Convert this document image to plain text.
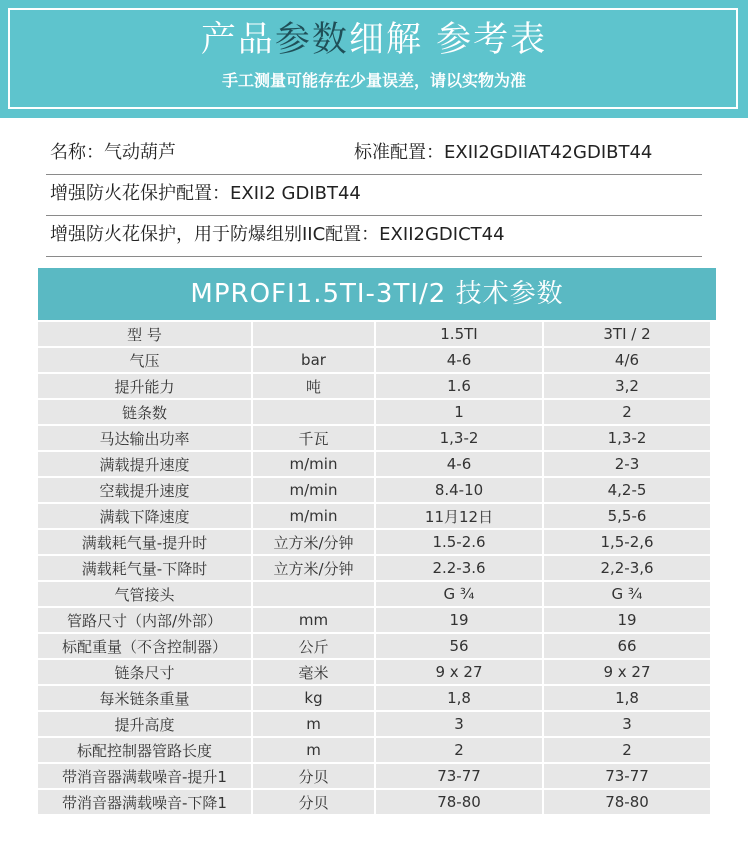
产品参数细解 参考表
手工测量可能存在少量误差，请以实物为准
名称：气动葫芦	标准配置：EXII2GDIIAT42GDIBT44
增强防火花保护配置：EXII2 GDIBT44
增强防火花保护，用于防爆组别IIC配置：EXII2GDICT44
MPROFI1.5TI-3TI/2 技术参数
型 号		1.5TI	3TI / 2
气压	bar	4-6	4/6
提升能力	吨	1.6	3,2
链条数		1	2
马达输出功率	千瓦	1,3-2	1,3-2
满载提升速度	m/min	4-6	2-3
空载提升速度	m/min	8.4-10	4,2-5
满载下降速度	m/min	11月12日	5,5-6
满载耗气量-提升时	立方米/分钟	1.5-2.6	1,5-2,6
满载耗气量-下降时	立方米/分钟	2.2-3.6	2,2-3,6
气管接头		G ¾	G ¾
管路尺寸（内部/外部）	mm	19	19
标配重量（不含控制器）	公斤	56	66
链条尺寸	毫米	9 x 27	9 x 27
每米链条重量	kg	1,8	1,8
提升高度	m	3	3
标配控制器管路长度	m	2	2
带消音器满载噪音-提升1	分贝	73-77	73-77
带消音器满载噪音-下降1	分贝	78-80	78-80
